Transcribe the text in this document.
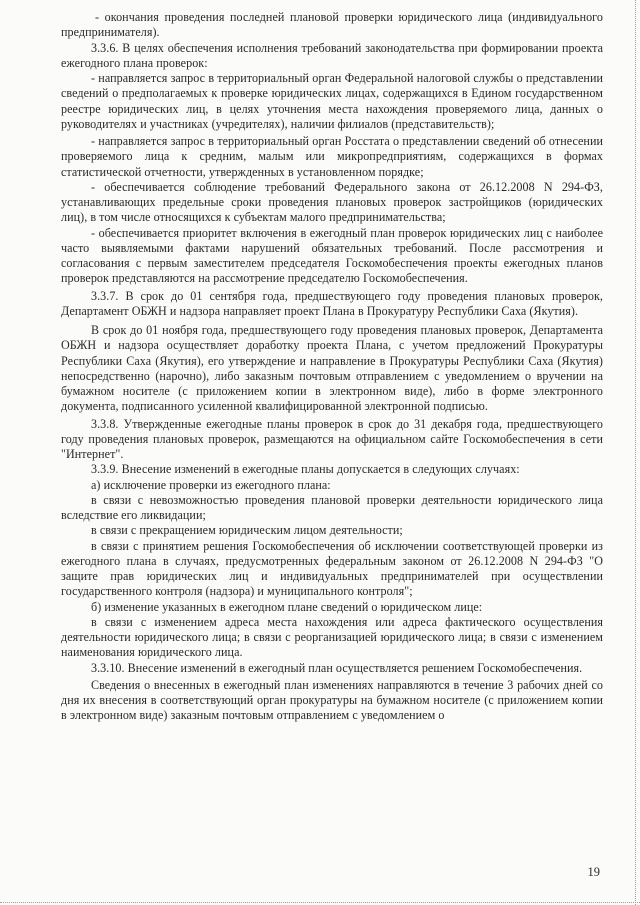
- окончания проведения последней плановой проверки юридического лица (индивидуального предпринимателя).

3.3.6. В целях обеспечения исполнения требований законодательства при формировании проекта ежегодного плана проверок:

- направляется запрос в территориальный орган Федеральной налоговой службы о представлении сведений о предполагаемых к проверке юридических лицах, содержащихся в Едином государственном реестре юридических лиц, в целях уточнения места нахождения проверяемого лица, данных о руководителях и участниках (учредителях), наличии филиалов (представительств);

- направляется запрос в территориальный орган Росстата о представлении сведений об отнесении проверяемого лица к средним, малым или микропредприятиям, содержащихся в формах статистической отчетности, утвержденных в установленном порядке;

- обеспечивается соблюдение требований Федерального закона от 26.12.2008 N 294-ФЗ, устанавливающих предельные сроки проведения плановых проверок застройщиков (юридических лиц), в том числе относящихся к субъектам малого предпринимательства;

- обеспечивается приоритет включения в ежегодный план проверок юридических лиц с наиболее часто выявляемыми фактами нарушений обязательных требований. После рассмотрения и согласования с первым заместителем председателя Госкомобеспечения проекты ежегодных планов проверок представляются на рассмотрение председателю Госкомобеспечения.

3.3.7. В срок до 01 сентября года, предшествующего году проведения плановых проверок, Департамент ОБЖН и надзора направляет проект Плана в Прокуратуру Республики Саха (Якутия).

В срок до 01 ноября года, предшествующего году проведения плановых проверок, Департамента ОБЖН и надзора осуществляет доработку проекта Плана, с учетом предложений Прокуратуры Республики Саха (Якутия), его утверждение и направление в Прокуратуры Республики Саха (Якутия) непосредственно (нарочно), либо заказным почтовым отправлением с уведомлением о вручении на бумажном носителе (с приложением копии в электронном виде), либо в форме электронного документа, подписанного усиленной квалифицированной электронной подписью.

3.3.8. Утвержденные ежегодные планы проверок в срок до 31 декабря года, предшествующего году проведения плановых проверок, размещаются на официальном сайте Госкомобеспечения в сети "Интернет".

3.3.9. Внесение изменений в ежегодные планы допускается в следующих случаях:

а) исключение проверки из ежегодного плана:

в связи с невозможностью проведения плановой проверки деятельности юридического лица вследствие его ликвидации;

в связи с прекращением юридическим лицом деятельности;

в связи с принятием решения Госкомобеспечения об исключении соответствующей проверки из ежегодного плана в случаях, предусмотренных федеральным законом от 26.12.2008 N 294-ФЗ "О защите прав юридических лиц и индивидуальных предпринимателей при осуществлении государственного контроля (надзора) и муниципального контроля";

б) изменение указанных в ежегодном плане сведений о юридическом лице:

в связи с изменением адреса места нахождения или адреса фактического осуществления деятельности юридического лица; в связи с реорганизацией юридического лица; в связи с изменением наименования юридического лица.

3.3.10. Внесение изменений в ежегодный план осуществляется решением Госкомобеспечения.

Сведения о внесенных в ежегодный план изменениях направляются в течение 3 рабочих дней со дня их внесения в соответствующий орган прокуратуры на бумажном носителе (с приложением копии в электронном виде) заказным почтовым отправлением с уведомлением о

19
